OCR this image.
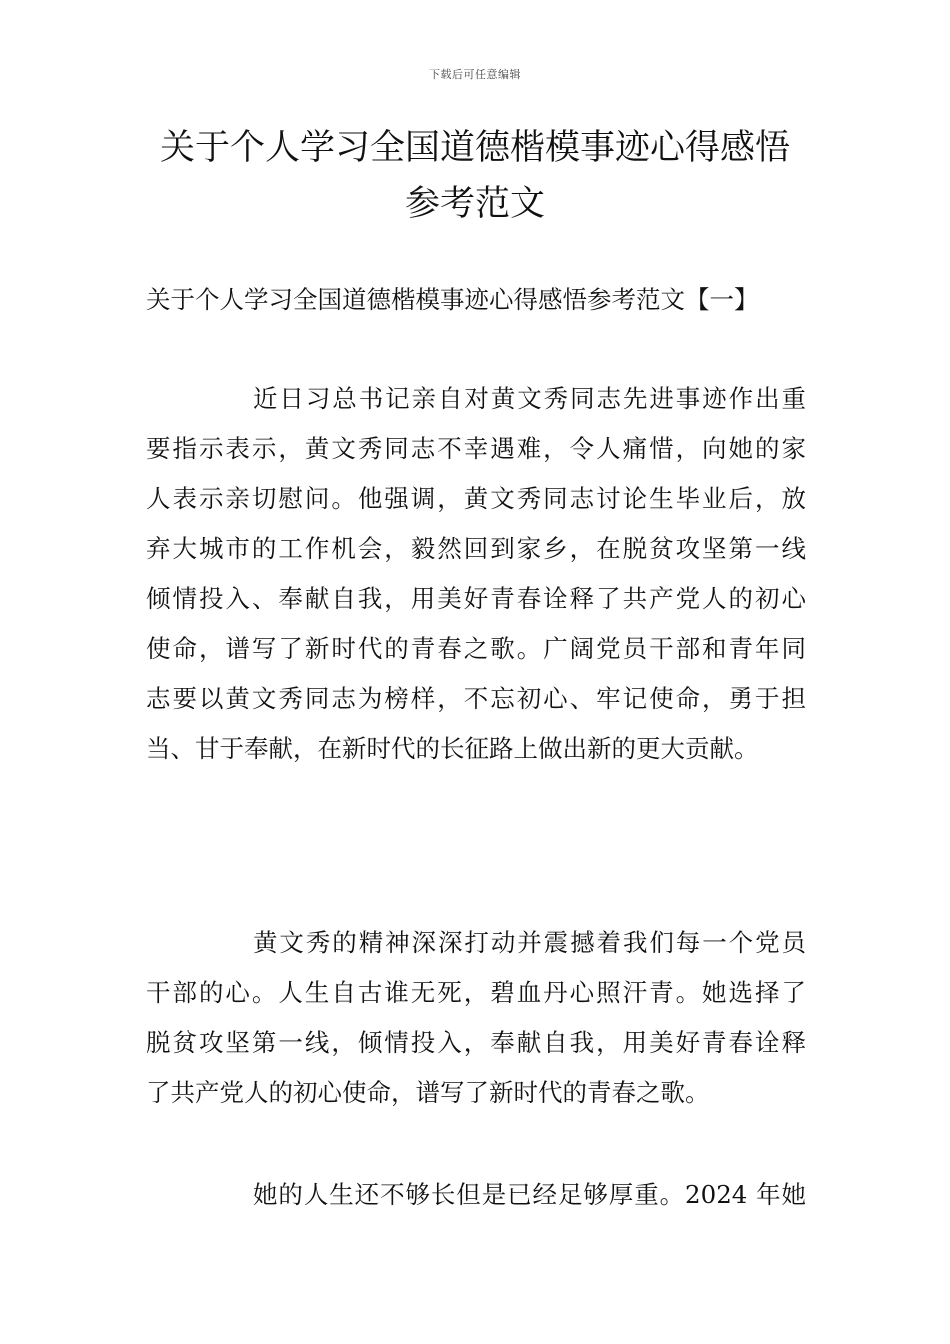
下载后可任意编辑
关于个人学习全国道德楷模事迹心得感悟
参考范文
关于个人学习全国道德楷模事迹心得感悟参考范文【一】

近日习总书记亲自对黄文秀同志先进事迹作出重
要指示表示，黄文秀同志不幸遇难，令人痛惜，向她的家
人表示亲切慰问。他强调，黄文秀同志讨论生毕业后，放
弃大城市的工作机会，毅然回到家乡，在脱贫攻坚第一线
倾情投入、奉献自我，用美好青春诠释了共产党人的初心
使命，谱写了新时代的青春之歌。广阔党员干部和青年同
志要以黄文秀同志为榜样，不忘初心、牢记使命，勇于担
当、甘于奉献，在新时代的长征路上做出新的更大贡献。

黄文秀的精神深深打动并震撼着我们每一个党员
干部的心。人生自古谁无死，碧血丹心照汗青。她选择了
脱贫攻坚第一线，倾情投入，奉献自我，用美好青春诠释
了共产党人的初心使命，谱写了新时代的青春之歌。

她的人生还不够长但是已经足够厚重。2024 年她
